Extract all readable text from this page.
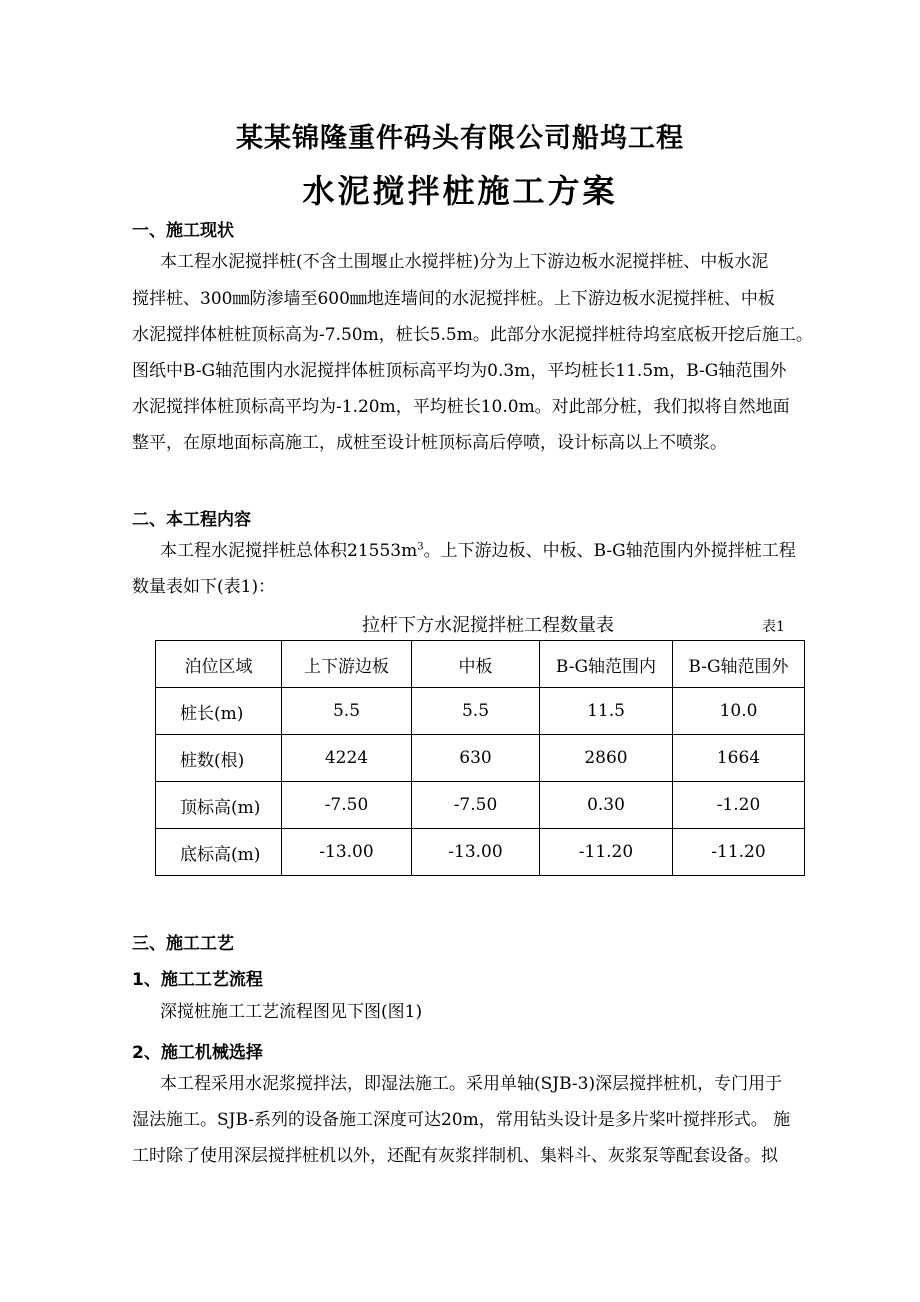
某某锦隆重件码头有限公司船坞工程
水泥搅拌桩施工方案
一、施工现状
本工程水泥搅拌桩(不含土围堰止水搅拌桩)分为上下游边板水泥搅拌桩、中板水泥
搅拌桩、300㎜防渗墙至600㎜地连墙间的水泥搅拌桩。上下游边板水泥搅拌桩、中板
水泥搅拌体桩桩顶标高为-7.50m，桩长5.5m。此部分水泥搅拌桩待坞室底板开挖后施工。
图纸中B-G轴范围内水泥搅拌体桩顶标高平均为0.3m，平均桩长11.5m，B-G轴范围外
水泥搅拌体桩顶标高平均为-1.20m，平均桩长10.0m。对此部分桩，我们拟将自然地面
整平，在原地面标高施工，成桩至设计桩顶标高后停喷，设计标高以上不喷浆。
二、本工程内容
本工程水泥搅拌桩总体积$21553m^3$。上下游边板、中板、B-G轴范围内外搅拌桩工程
数量表如下(表1)：
拉杆下方水泥搅拌桩工程数量表	表1
泊位区域	上下游边板	中板	B-G轴范围内	B-G轴范围外
桩长(m)	5.5	5.5	11.5	10.0
桩数(根)	4224	630	2860	1664
顶标高(m)	-7.50	-7.50	0.30	-1.20
底标高(m)	-13.00	-13.00	-11.20	-11.20
三、施工工艺
1、施工工艺流程
深搅桩施工工艺流程图见下图(图1)
2、施工机械选择
本工程采用水泥浆搅拌法，即湿法施工。采用单轴(SJB-3)深层搅拌桩机，专门用于
湿法施工。SJB-系列的设备施工深度可达20m，常用钻头设计是多片桨叶搅拌形式。 施
工时除了使用深层搅拌桩机以外，还配有灰浆拌制机、集料斗、灰浆泵等配套设备。拟
